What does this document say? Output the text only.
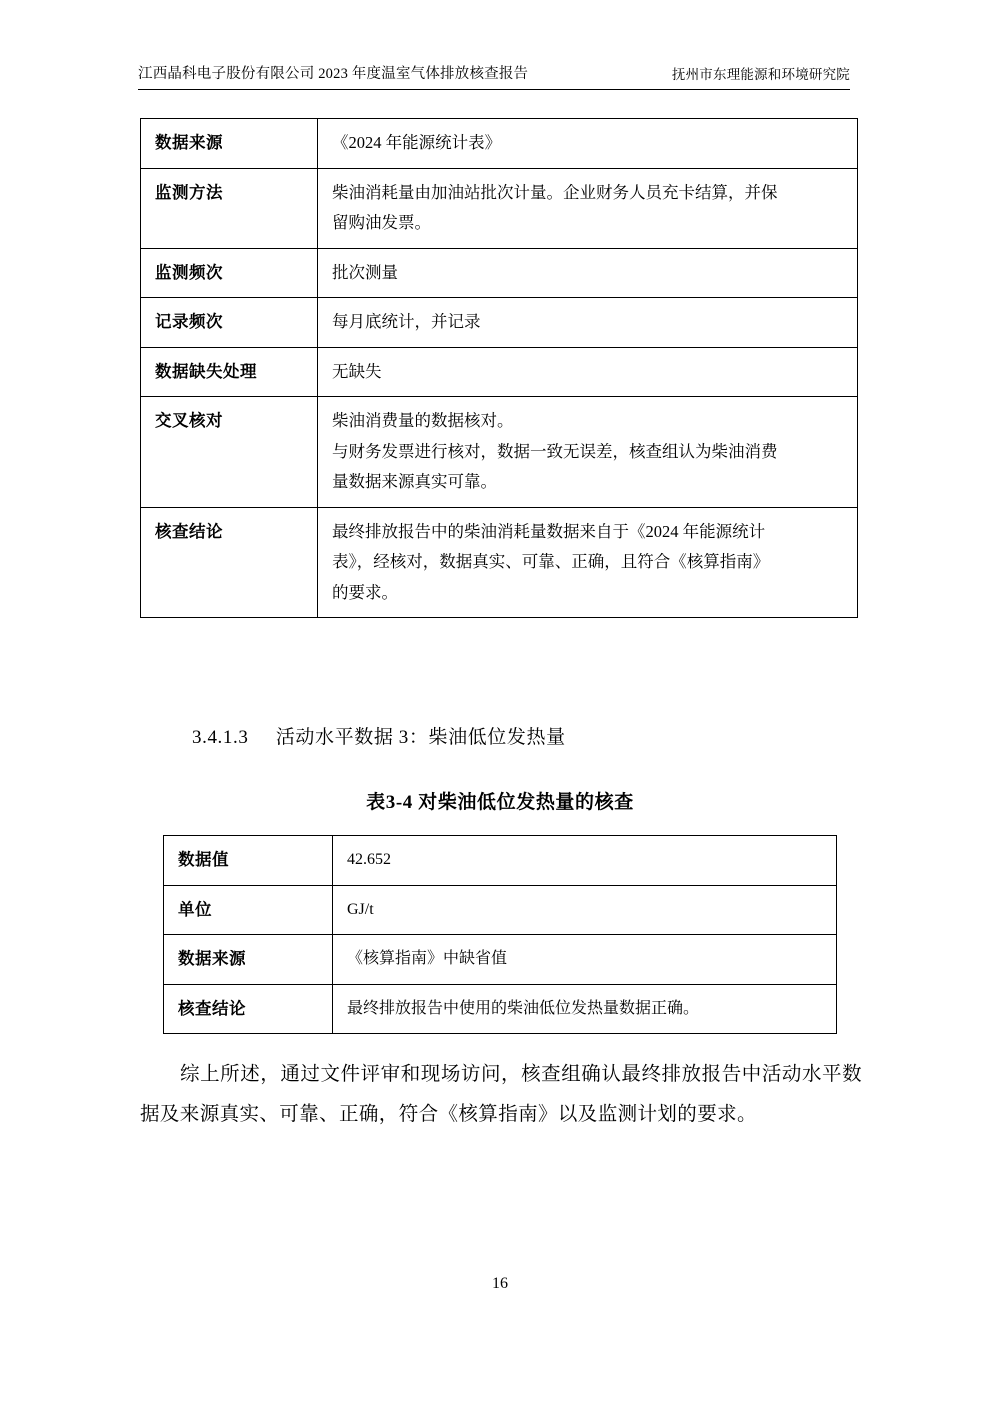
江西晶科电子股份有限公司 2023 年度温室气体排放核查报告	抚州市东理能源和环境研究院
数据来源	《2024 年能源统计表》

监测方法	柴油消耗量由加油站批次计量。企业财务人员充卡结算，并保

留购油发票。

监测频次	批次测量

记录频次	每月底统计，并记录

数据缺失处理	无缺失

交叉核对	柴油消费量的数据核对。

与财务发票进行核对，数据一致无误差，核查组认为柴油消费

量数据来源真实可靠。

核查结论	最终排放报告中的柴油消耗量数据来自于《2024 年能源统计

表》，经核对，数据真实、可靠、正确，且符合《核算指南》

的要求。

3.4.1.3 活动水平数据 3：柴油低位发热量
表3-4 对柴油低位发热量的核查
数据值	42.652

单位	GJ/t

数据来源	《核算指南》中缺省值

核查结论	最终排放报告中使用的柴油低位发热量数据正确。

综上所述，通过文件评审和现场访问，核查组确认最终排放报告中活动水平数据及来源真实、可靠、正确，符合《核算指南》以及监测计划的要求。
16
